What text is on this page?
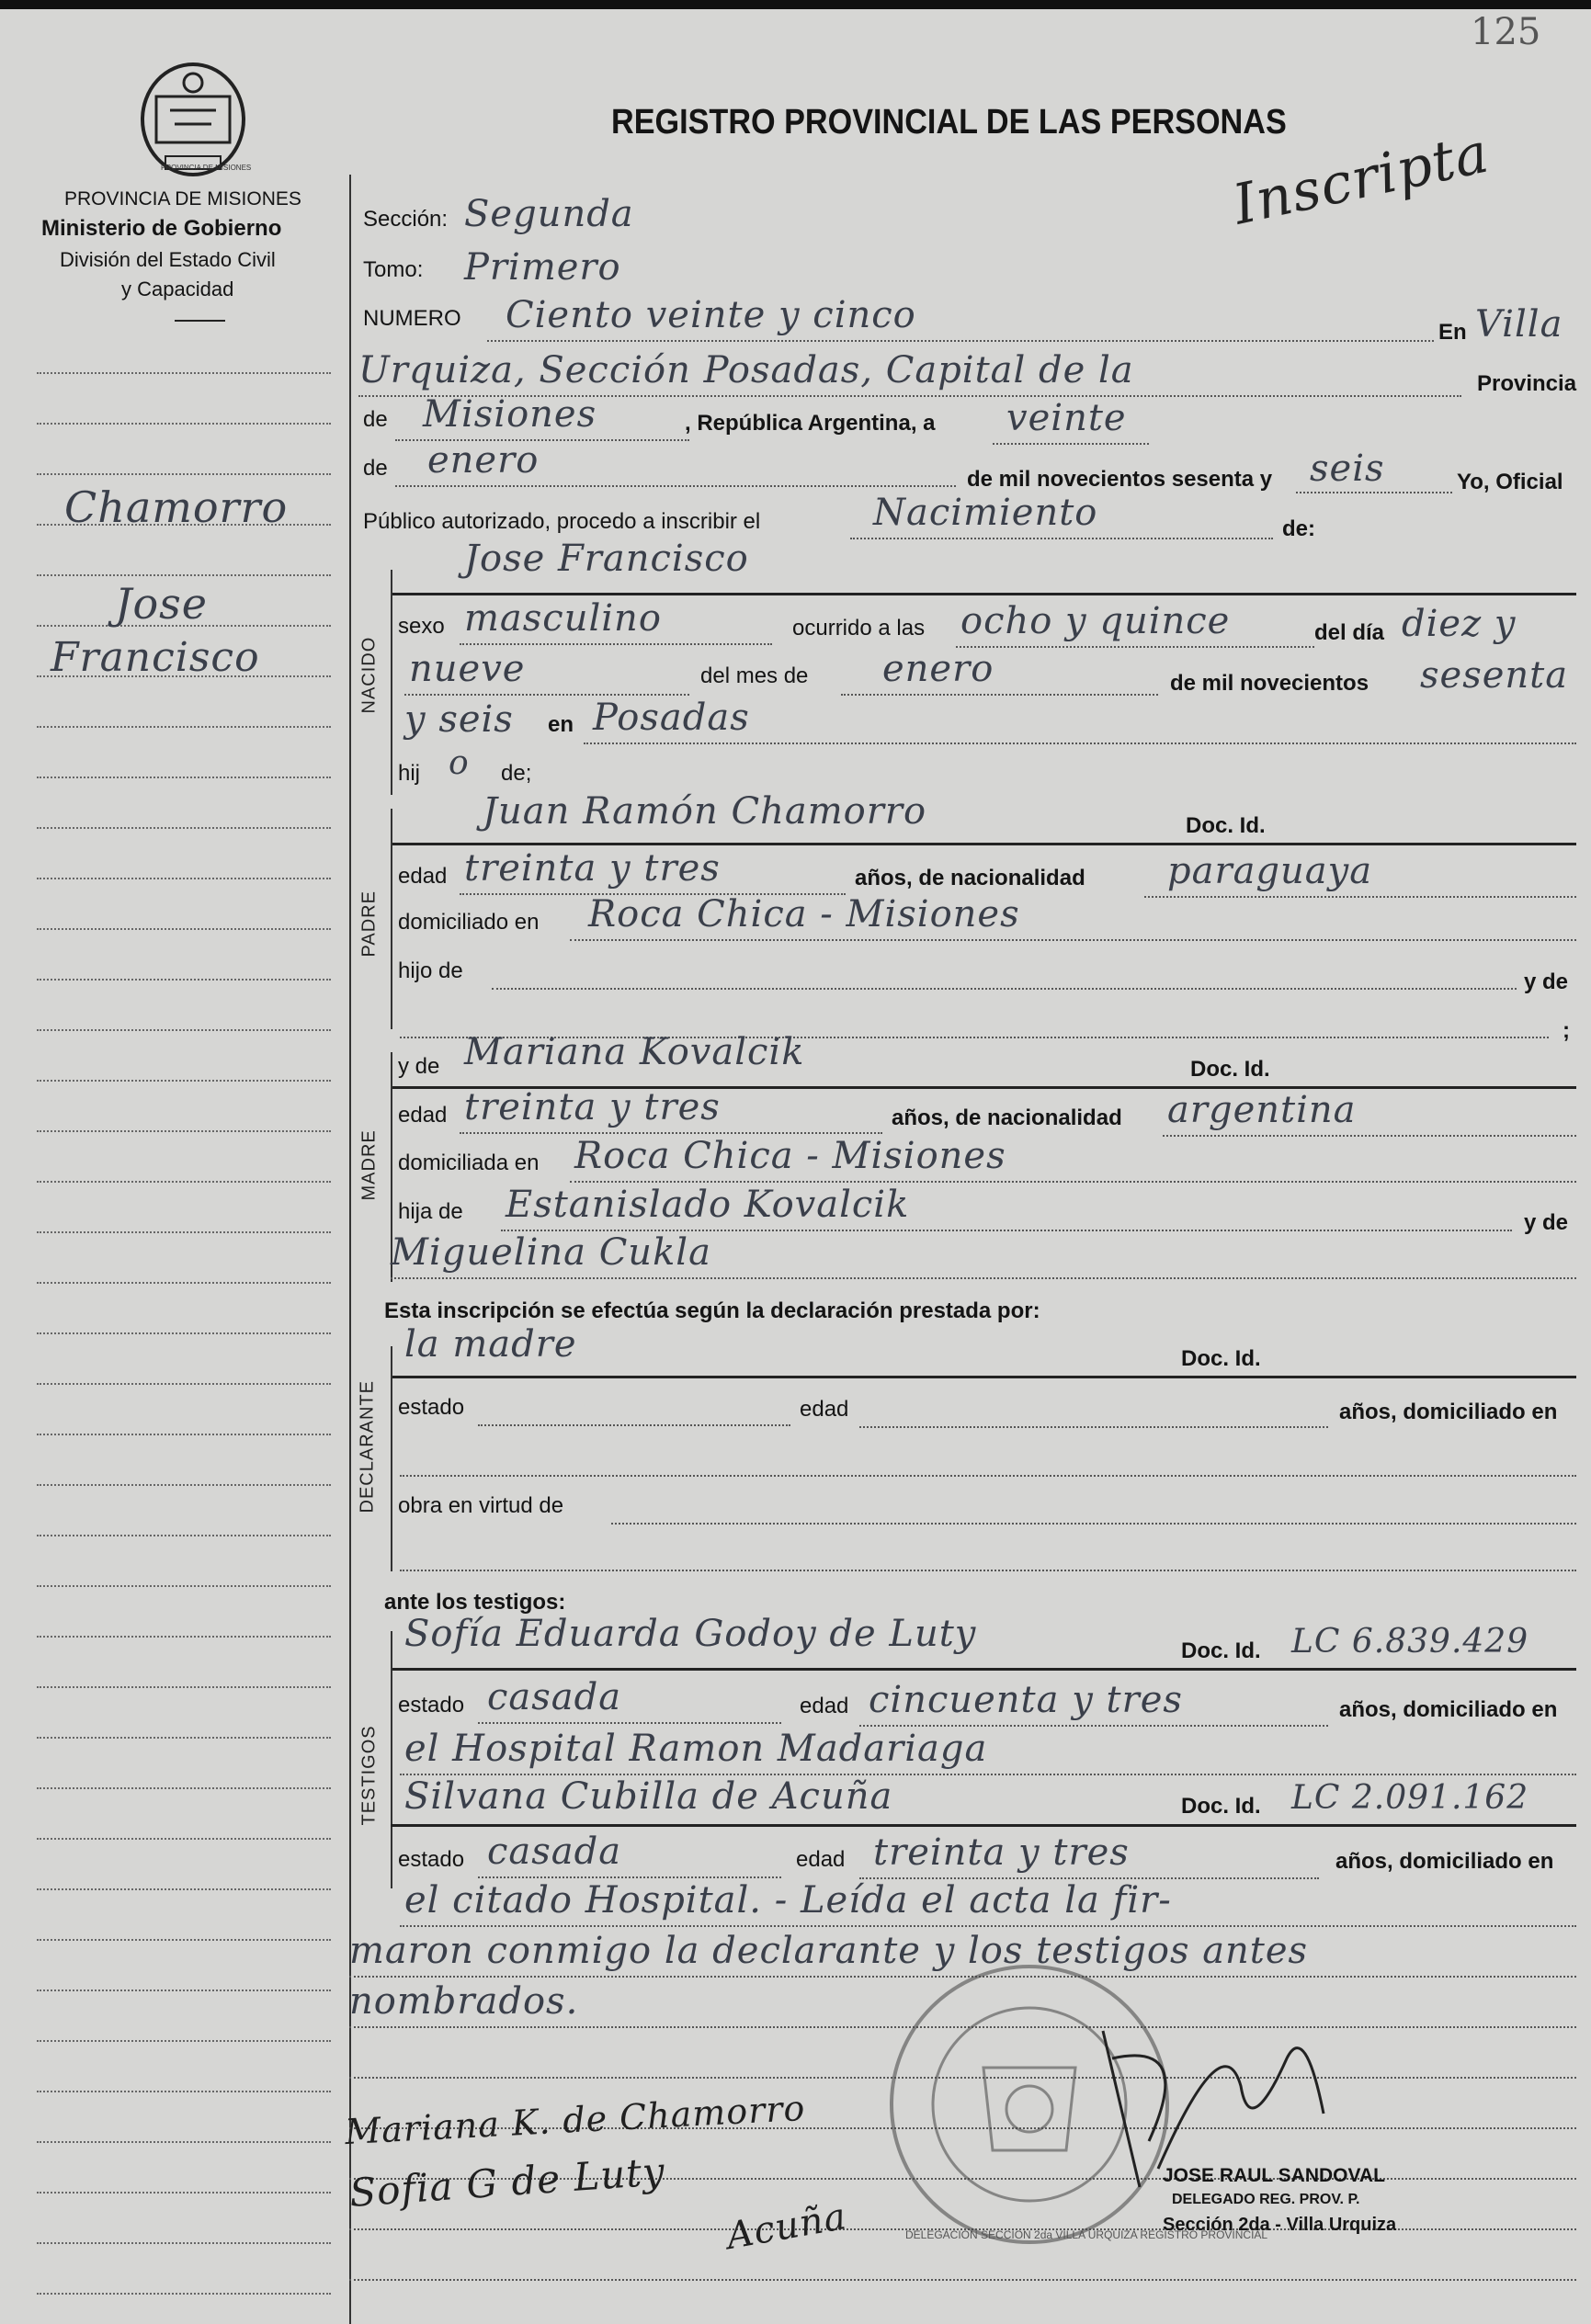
125
REGISTRO PROVINCIAL DE LAS PERSONAS
Inscripta
PROVINCIA DE MISIONES
Ministerio de Gobierno
División del Estado Civil
y Capacidad
Chamorro
Jose
Francisco
Sección: Segunda
Tomo: Primero
NUMERO Ciento veinte y cinco	En Villa
Urquiza, Sección Posadas, Capital de la	Provincia
de Misiones	, República Argentina, a veinte
de enero	de mil novecientos sesenta y seis	Yo, Oficial
Público autorizado, procedo a inscribir el	Nacimiento	de:
Jose Francisco
NACIDO
sexo masculino	ocurrido a las ocho y quince	del día diez y
nueve	del mes de enero	de mil novecientos sesenta
y seis en Posadas
hij o de;
Juan Ramón Chamorro	Doc. Id.
PADRE
edad treinta y tres	años, de nacionalidad paraguaya
domiciliado en Roca Chica - Misiones
hijo de	y de
;
y de Mariana Kovalcik	Doc. Id.
MADRE
edad treinta y tres	años, de nacionalidad argentina
domiciliada en Roca Chica - Misiones
hija de Estanislado Kovalcik	y de
Miguelina Cukla
Esta inscripción se efectúa según la declaración prestada por:
la madre	Doc. Id.
DECLARANTE estado	edad	años, domiciliado en
obra en virtud de
ante los testigos:
Sofía Eduarda Godoy de Luty	Doc. Id. LC 6.839.429
TESTIGOS
estado casada	edad cincuenta y tres	años, domiciliado en
el Hospital Ramon Madariaga
Silvana Cubilla de Acuña	Doc. Id. LC 2.091.162
estado casada	edad treinta y tres	años, domiciliado en
el citado Hospital. - Leída el acta la fir-
maron conmigo la declarante y los testigos antes
nombrados.
DELEGACION SECCION 2da VILLA URQUIZA REGISTRO PROVINCIAL
Mariana K. de Chamorro
Sofia G de Luty
Acuña
JOSE RAUL SANDOVAL
DELEGADO REG. PROV. P.
Sección 2da - Villa Urquiza
PROVINCIA DE MISIONES
